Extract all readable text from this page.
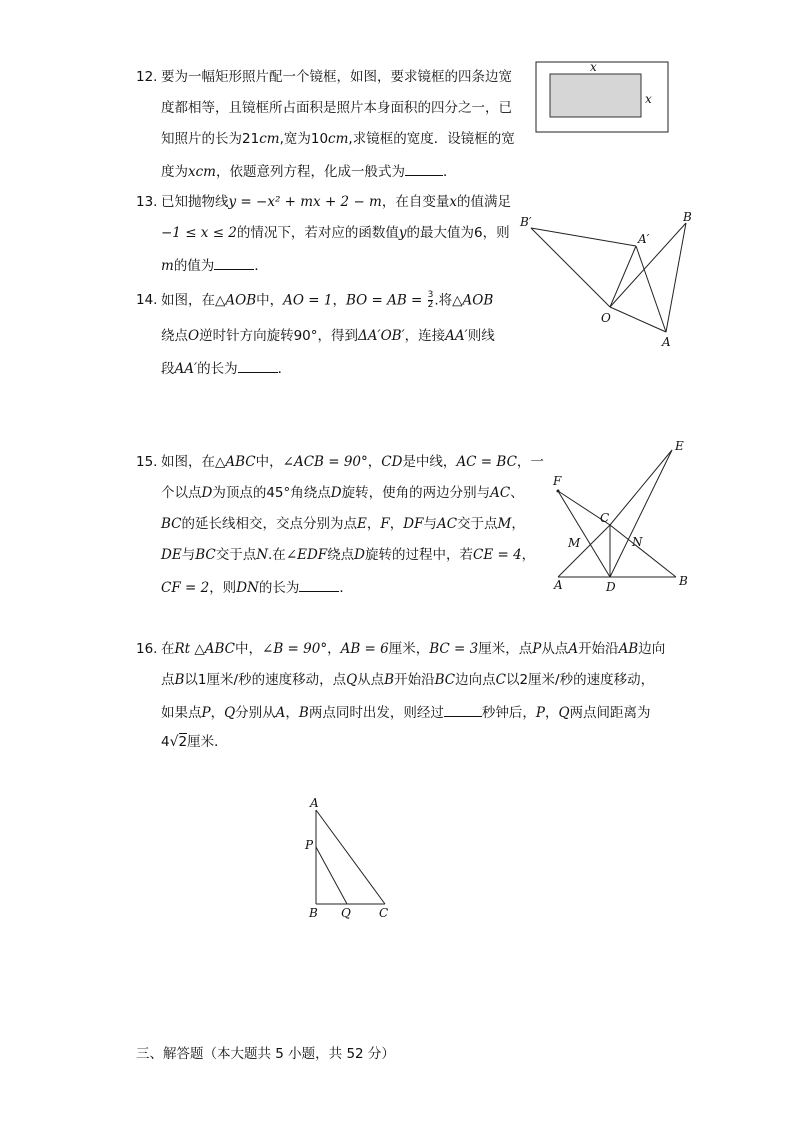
12. 要为一幅矩形照片配一个镜框，如图，要求镜框的四条边宽
度都相等，且镜框所占面积是照片本身面积的四分之一，已
知照片的长为21cm,宽为10cm,求镜框的宽度．设镜框的宽
度为xcm，依题意列方程，化成一般式为	．
x
x
13. 已知抛物线y = −x² + mx + 2 − m，在自变量x的值满足
−1 ≤ x ≤ 2的情况下，若对应的函数值y的最大值为6，则
m的值为	．
14. 如图，在△AOB中，AO = 1，BO = AB = $\frac{3}{2}$ .将△AOB
绕点O逆时针方向旋转90°，得到ΔA′OB′，连接AA′则线
段AA′的长为	．
B′	B
A′
O
A
15. 如图，在△ABC中，∠ACB = 90°，CD是中线，AC = BC，一
个以点D为顶点的45°角绕点D旋转，使角的两边分别与AC、
BC的延长线相交，交点分别为点E，F，DF与AC交于点M，
DE与BC交于点N.在∠EDF绕点D旋转的过程中，若CE = 4，
CF = 2，则DN的长为	．
E
F
C
M	N
A	D	B
16. 在Rt △ABC中，∠B = 90°，AB = 6厘米，BC = 3厘米，点P从点A开始沿AB边向
点B以1厘米/秒的速度移动，点Q从点B开始沿BC边向点C以2厘米/秒的速度移动，
如果点P，Q分别从A，B两点同时出发，则经过	秒钟后，P，Q两点间距离为
4√2厘米．
A
P
B Q C
三、解答题（本大题共 5 小题，共 52 分）
